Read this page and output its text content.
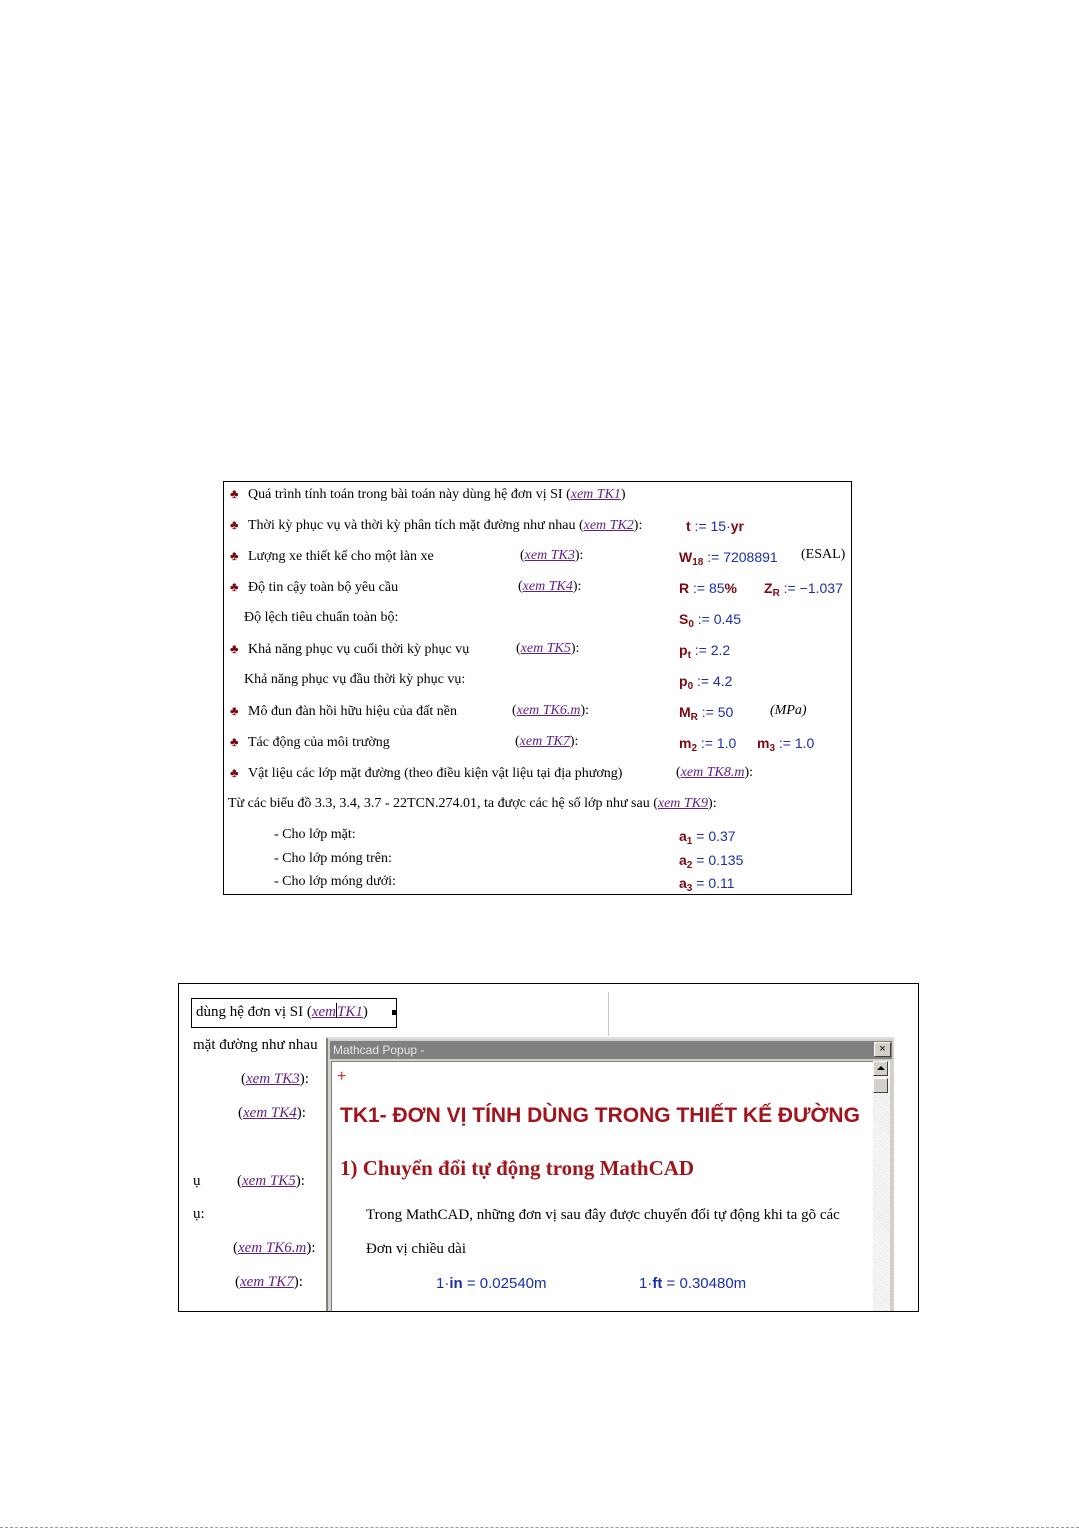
♣ Quá trình tính toán trong bài toán này dùng hệ đơn vị SI (xem TK1)
♣ Thời kỳ phục vụ và thời kỳ phân tích mặt đường như nhau (xem TK2):	t := 15·yr
♣ Lượng xe thiết kế cho một làn xe	(xem TK3):	$W_{18}$ := 7208891 (ESAL)
♣ Độ tin cậy toàn bộ yêu cầu	(xem TK4):	R := 85% $Z_R$ := −1.037
Độ lệch tiêu chuẩn toàn bộ:	$S_0$ := 0.45
♣ Khả năng phục vụ cuối thời kỳ phục vụ	(xem TK5):	$p_t$ := 2.2
Khả năng phục vụ đầu thời kỳ phục vụ:	$p_0$ := 4.2
♣ Mô đun đàn hồi hữu hiệu của đất nền	(xem TK6.m):	$M_R$ := 50	(MPa)
♣ Tác động của môi trường	(xem TK7):	$m_2$ := 1.0 $m_3$ := 1.0
♣ Vật liệu các lớp mặt đường (theo điều kiện vật liệu tại địa phương)	(xem TK8.m):
Từ các biểu đồ 3.3, 3.4, 3.7 - 22TCN.274.01, ta được các hệ số lớp như sau (xem TK9):
- Cho lớp mặt:	$a_1 = 0.37$
- Cho lớp móng trên:	$a_2 = 0.135$
- Cho lớp móng dưới:	$a_3 = 0.11$
dùng hệ đơn vị SI (xemTK1)
mặt đường như nhau
(xem TK3):
(xem TK4):
ụ (xem TK5):
ụ:
(xem TK6.m):
(xem TK7):
Mathcad Popup -	×
+
TK1- ĐƠN VỊ TÍNH DÙNG TRONG THIẾT KẾ ĐƯỜNG
1) Chuyển đổi tự động trong MathCAD
Trong MathCAD, những đơn vị sau đây được chuyển đổi tự động khi ta gõ các
Đơn vị chiều dài
1·in = 0.02540m	1·ft = 0.30480m
